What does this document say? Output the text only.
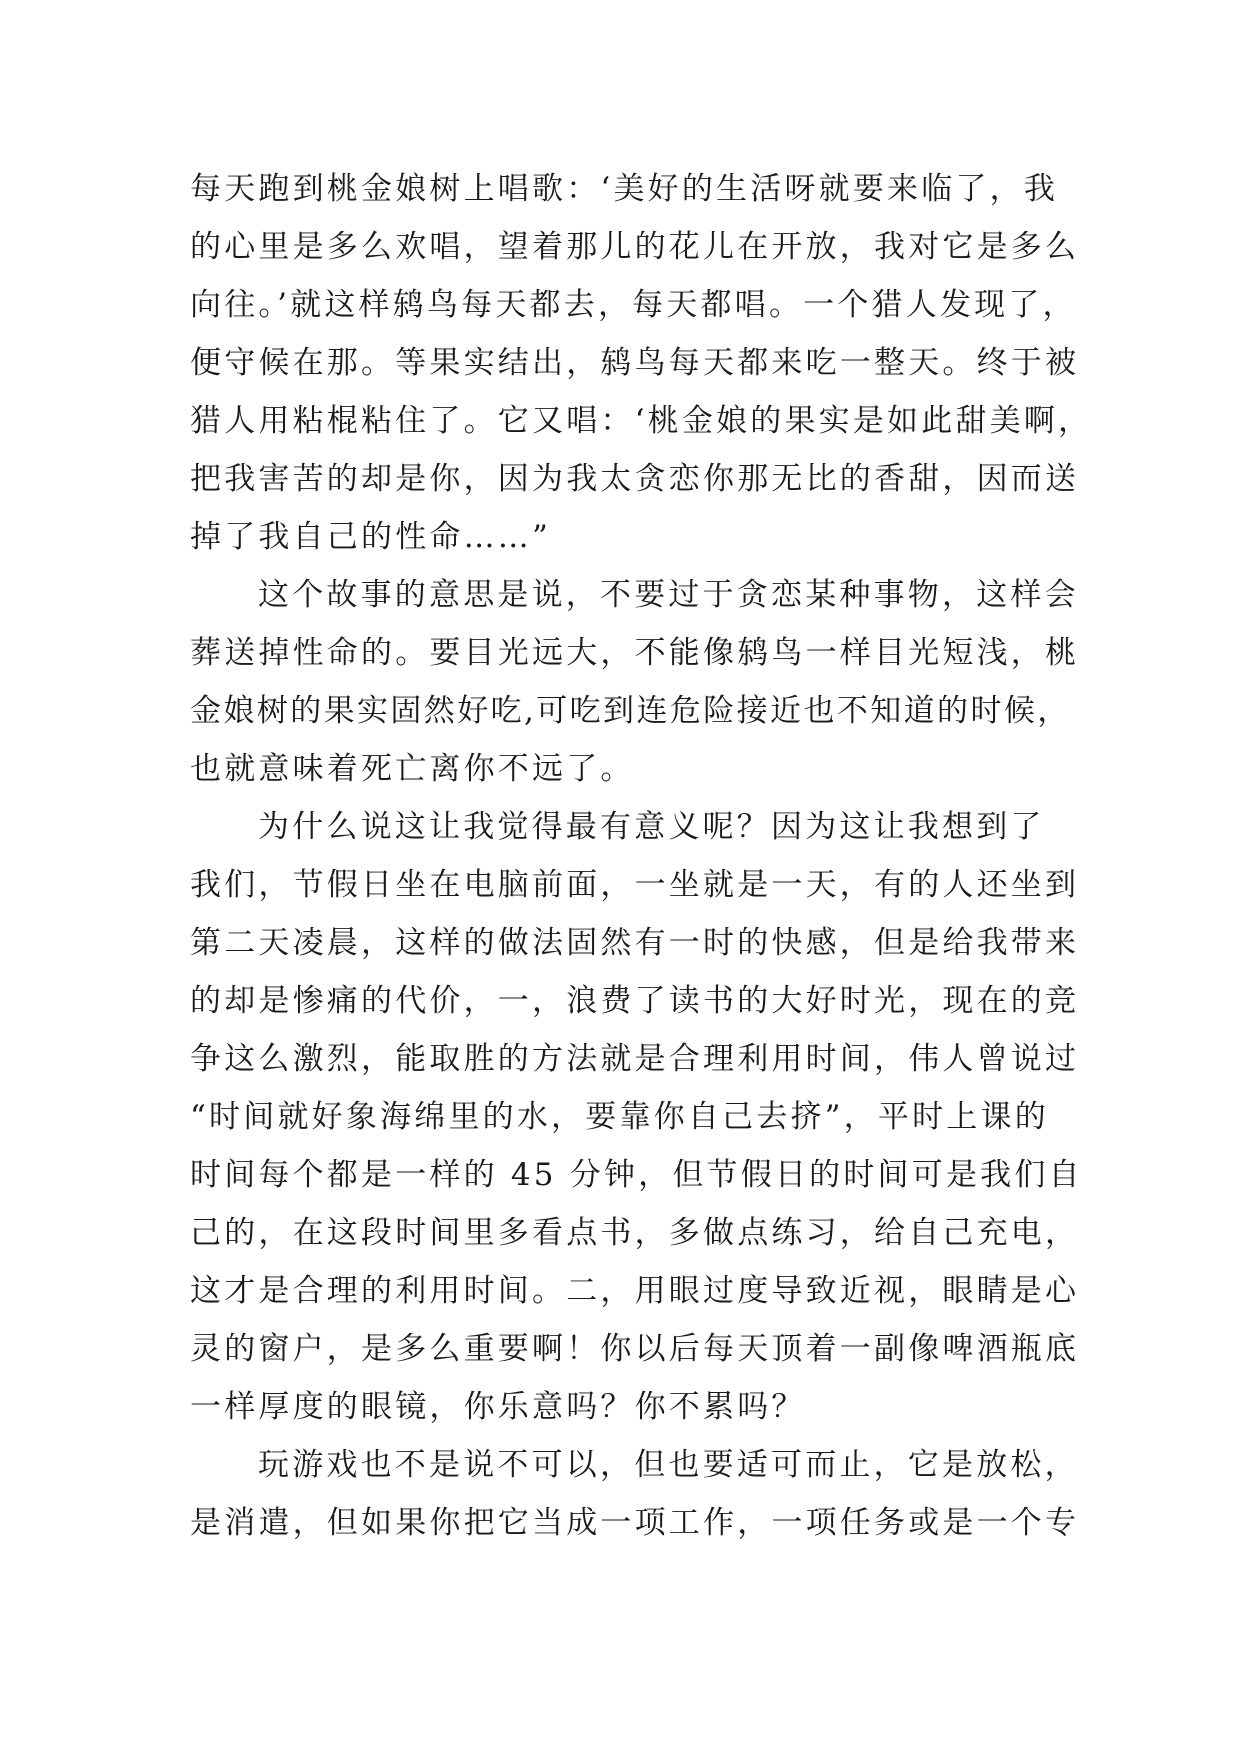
每天跑到桃金娘树上唱歌：‘美好的生活呀就要来临了，我
的心里是多么欢唱，望着那儿的花儿在开放，我对它是多么
向往。’就这样鸫鸟每天都去，每天都唱。一个猎人发现了，
便守候在那。等果实结出，鸫鸟每天都来吃一整天。终于被
猎人用粘棍粘住了。它又唱：‘桃金娘的果实是如此甜美啊，
把我害苦的却是你，因为我太贪恋你那无比的香甜，因而送
掉了我自己的性命……”
这个故事的意思是说，不要过于贪恋某种事物，这样会
葬送掉性命的。要目光远大，不能像鸫鸟一样目光短浅，桃
金娘树的果实固然好吃,可吃到连危险接近也不知道的时候，
也就意味着死亡离你不远了。
为什么说这让我觉得最有意义呢？因为这让我想到了
我们，节假日坐在电脑前面，一坐就是一天，有的人还坐到
第二天凌晨，这样的做法固然有一时的快感，但是给我带来
的却是惨痛的代价，一，浪费了读书的大好时光，现在的竞
争这么激烈，能取胜的方法就是合理利用时间，伟人曾说过
“时间就好象海绵里的水，要靠你自己去挤”，平时上课的
时间每个都是一样的 45 分钟，但节假日的时间可是我们自
己的，在这段时间里多看点书，多做点练习，给自己充电，
这才是合理的利用时间。二，用眼过度导致近视，眼睛是心
灵的窗户，是多么重要啊！你以后每天顶着一副像啤酒瓶底
一样厚度的眼镜，你乐意吗？你不累吗？
玩游戏也不是说不可以，但也要适可而止，它是放松，
是消遣，但如果你把它当成一项工作，一项任务或是一个专
